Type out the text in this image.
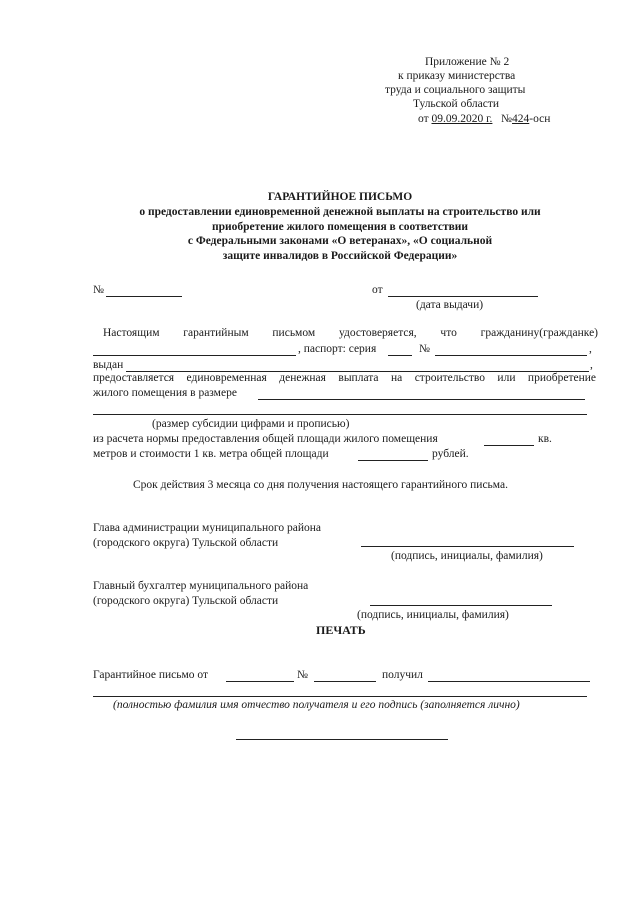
Приложение № 2
к приказу министерства
труда и социального защиты
Тульской области
от 09.09.2020 г. №424-осн
ГАРАНТИЙНОЕ ПИСЬМО
о предоставлении единовременной денежной выплаты на строительство или
приобретение жилого помещения в соответствии
с Федеральными законами «О ветеранах», «О социальной
защите инвалидов в Российской Федерации»
№	от
(дата выдачи)
Настоящим гарантийным письмом удостоверяется, что гражданину(гражданке)
, паспорт: серия	№	,
выдан	,
предоставляется единовременная денежная выплата на строительство или приобретение
жилого помещения в размере
(размер субсидии цифрами и прописью)
из расчета нормы предоставления общей площади жилого помещения	кв.
метров и стоимости 1 кв. метра общей площади	рублей.
Срок действия 3 месяца со дня получения настоящего гарантийного письма.
Глава администрации муниципального района
(городского округа) Тульской области
(подпись, инициалы, фамилия)
Главный бухгалтер муниципального района
(городского округа) Тульской области
(подпись, инициалы, фамилия)
ПЕЧАТЬ
Гарантийное письмо от	№	получил
(полностью фамилия имя отчество получателя и его подпись (заполняется лично)
